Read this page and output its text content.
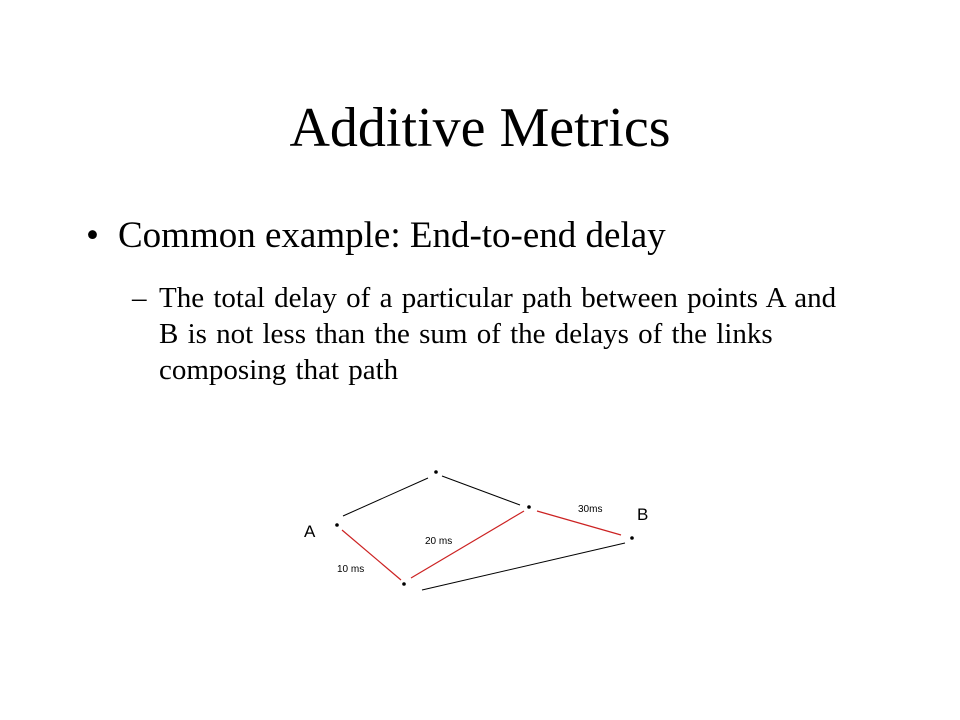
Additive Metrics
• Common example: End-to-end delay
– The total delay of a particular path between points A and B is not less than the sum of the delays of the links composing that path
A
B
10 ms
20 ms
30ms
